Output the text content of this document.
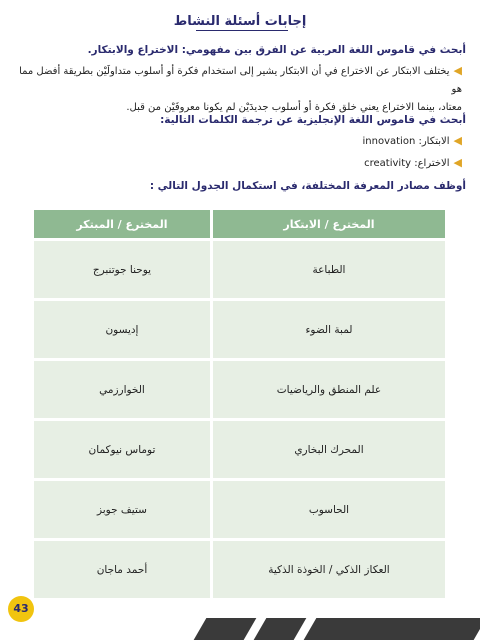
إجابات أسئلة النشاط
أبحث في قاموس اللغة العربية عن الفرق بين مفهومي: الاختراع والابتكار.
◀يختلف الابتكار عن الاختراع في أن الابتكار يشير إلى استخدام فكرة أو أسلوب متداولَيْن بطريقة أفضل مما هو
معتاد، بينما الاختراع يعني خلق فكرة أو أسلوب جديدَيْن لم يكونا معروفَيْن من قبل.
أبحث في قاموس اللغة الإنجليزية عن ترجمة الكلمات التالية:
◀الابتكار: innovation
◀الاختراع: creativity
أوظف مصادر المعرفة المختلفة، في استكمال الجدول التالي :
المخترع / الابتكار	المخترع / المبتكر
الطباعة	يوحنا جوتنبرج
لمبة الضوء	إديسون
علم المنطق والرياضيات	الخوارزمي
المحرك البخاري	توماس نيوكمان
الحاسوب	ستيف جوبز
العكاز الذكي / الخوذة الذكية	أحمد ماجان
43
